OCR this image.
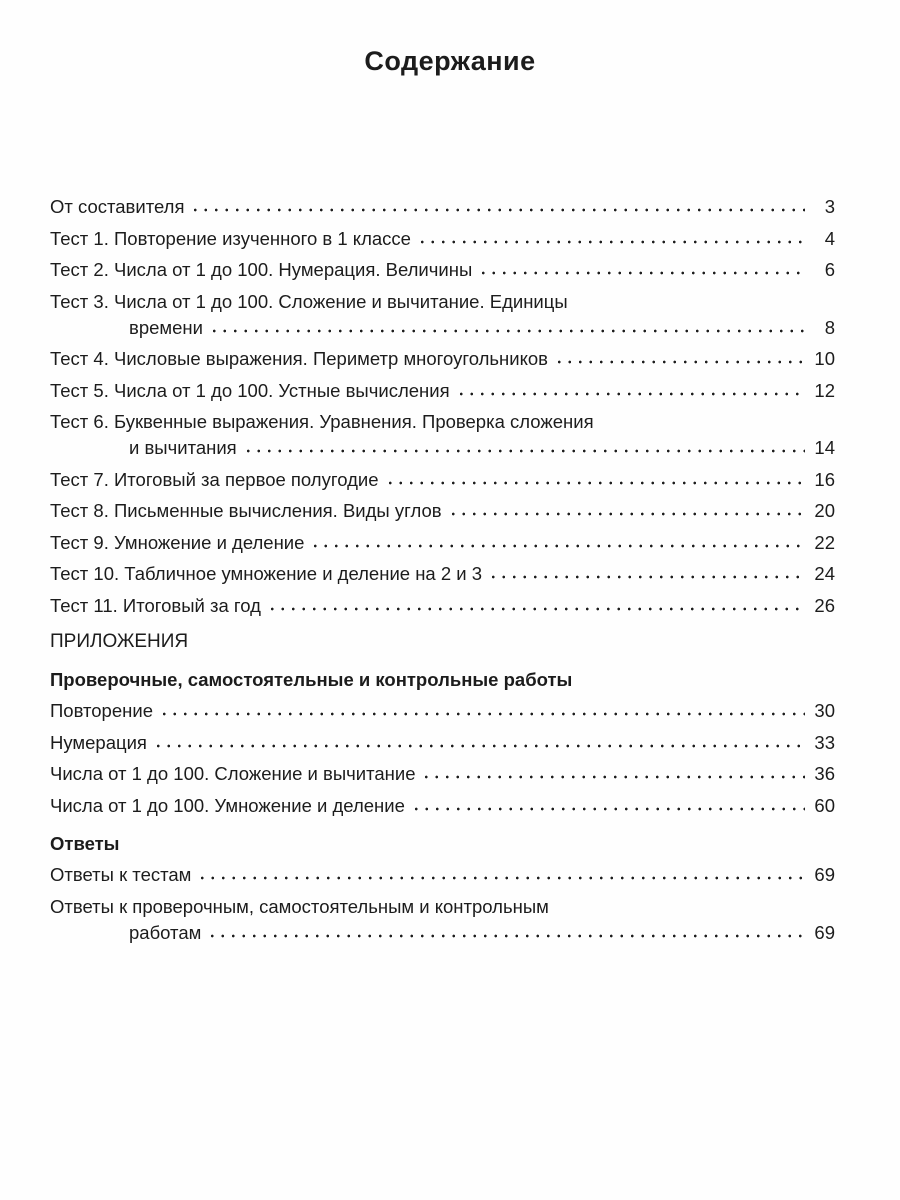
Содержание
От составителя	3
Тест 1. Повторение изученного в 1 классе	4
Тест 2. Числа от 1 до 100. Нумерация. Величины	6
Тест 3. Числа от 1 до 100. Сложение и вычитание. Единицы
времени	8
Тест 4. Числовые выражения. Периметр многоугольников	10
Тест 5. Числа от 1 до 100. Устные вычисления	12
Тест 6. Буквенные выражения. Уравнения. Проверка сложения
и вычитания	14
Тест 7. Итоговый за первое полугодие	16
Тест 8. Письменные вычисления. Виды углов	20
Тест 9. Умножение и деление	22
Тест 10. Табличное умножение и деление на 2 и 3	24
Тест 11. Итоговый за год	26
ПРИЛОЖЕНИЯ
Проверочные, самостоятельные и контрольные работы
Повторение	30
Нумерация	33
Числа от 1 до 100. Сложение и вычитание	36
Числа от 1 до 100. Умножение и деление	60
Ответы
Ответы к тестам	69
Ответы к проверочным, самостоятельным и контрольным
работам	69
